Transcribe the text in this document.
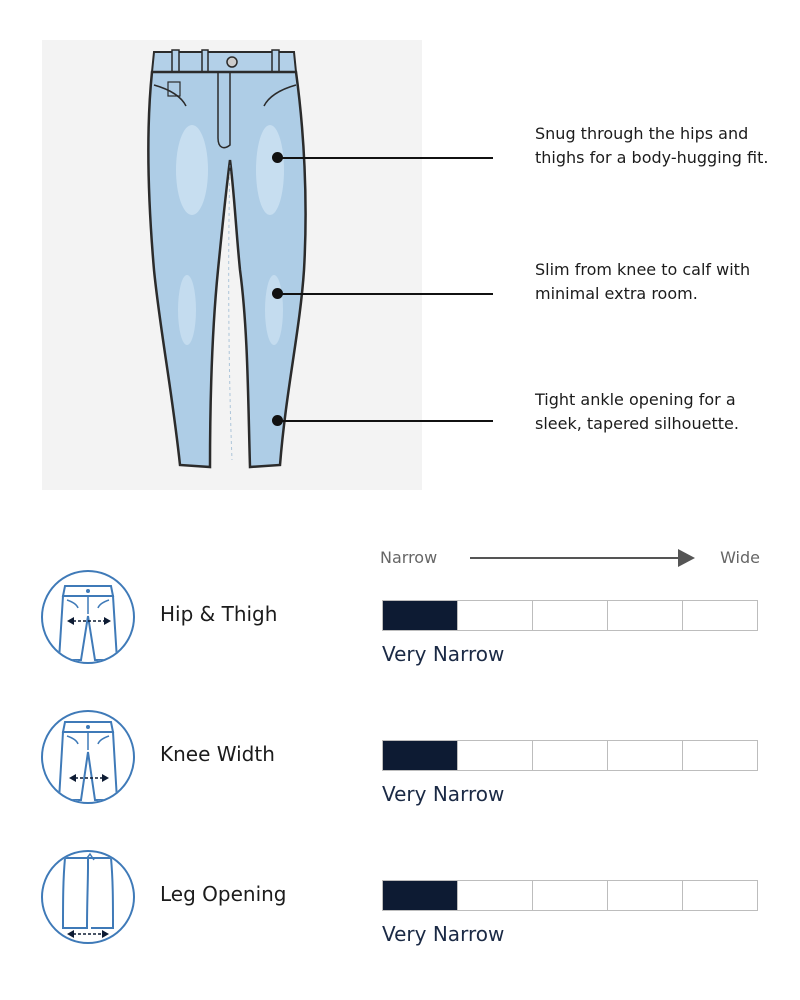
Snug through the hips and thighs for a body-hugging fit.
Slim from knee to calf with minimal extra room.
Tight ankle opening for a sleek, tapered silhouette.
Narrow	Wide
Hip & Thigh
Very Narrow
Knee Width
Very Narrow
Leg Opening
Very Narrow
